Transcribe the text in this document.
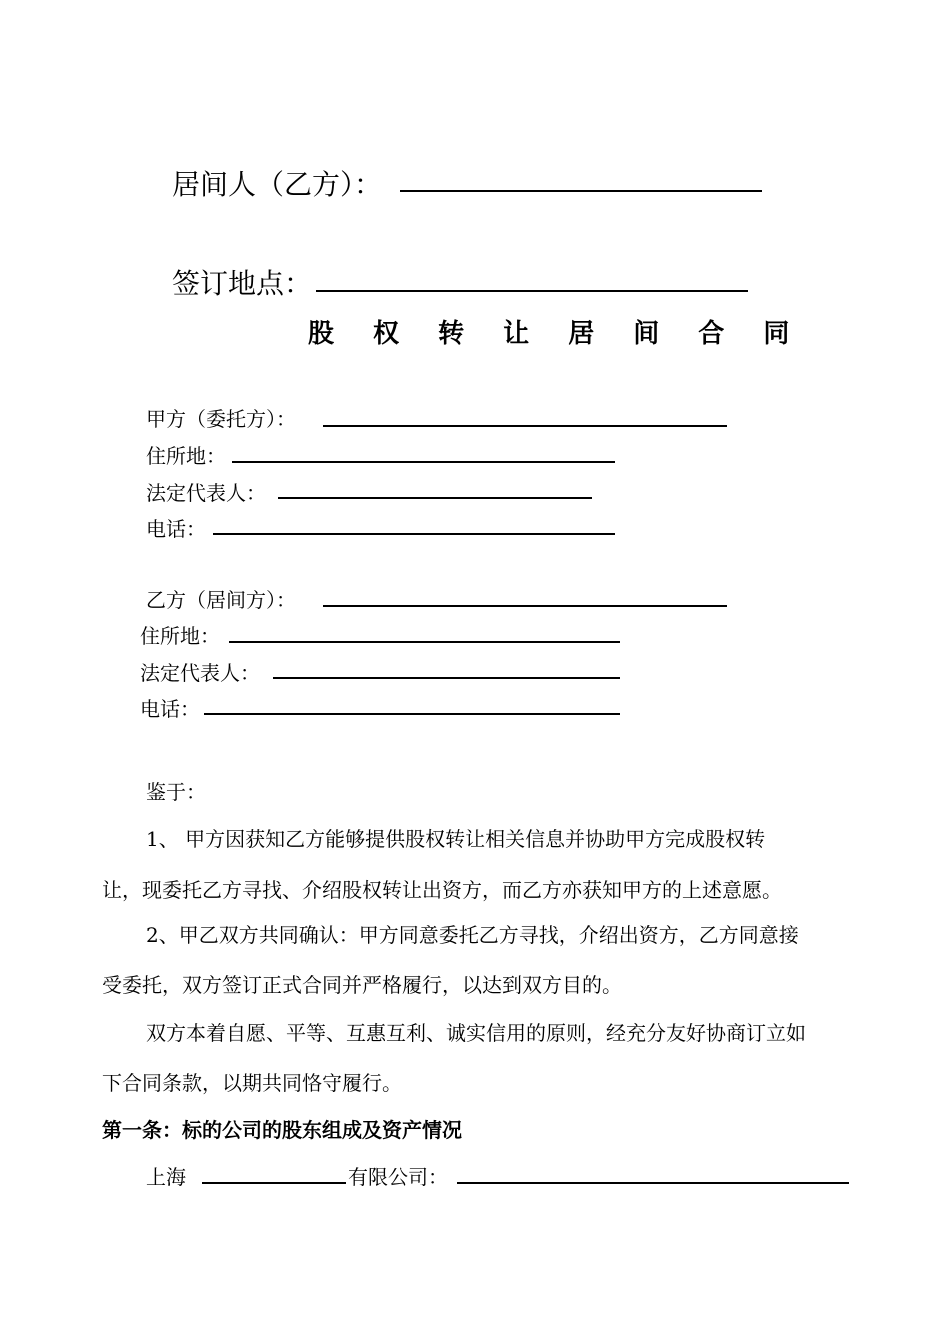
居间人（乙方）：
签订地点：
股 权 转 让 居 间 合 同
甲方（委托方）：
住所地：
法定代表人：
电话：
乙方（居间方）：
住所地：
法定代表人：
电话：
鉴于：
1、 甲方因获知乙方能够提供股权转让相关信息并协助甲方完成股权转
让，现委托乙方寻找、介绍股权转让出资方，而乙方亦获知甲方的上述意愿。
2、甲乙双方共同确认：甲方同意委托乙方寻找，介绍出资方，乙方同意接
受委托，双方签订正式合同并严格履行，以达到双方目的。
双方本着自愿、平等、互惠互利、诚实信用的原则，经充分友好协商订立如
下合同条款，以期共同恪守履行。
第一条：标的公司的股东组成及资产情况
上海	有限公司：
